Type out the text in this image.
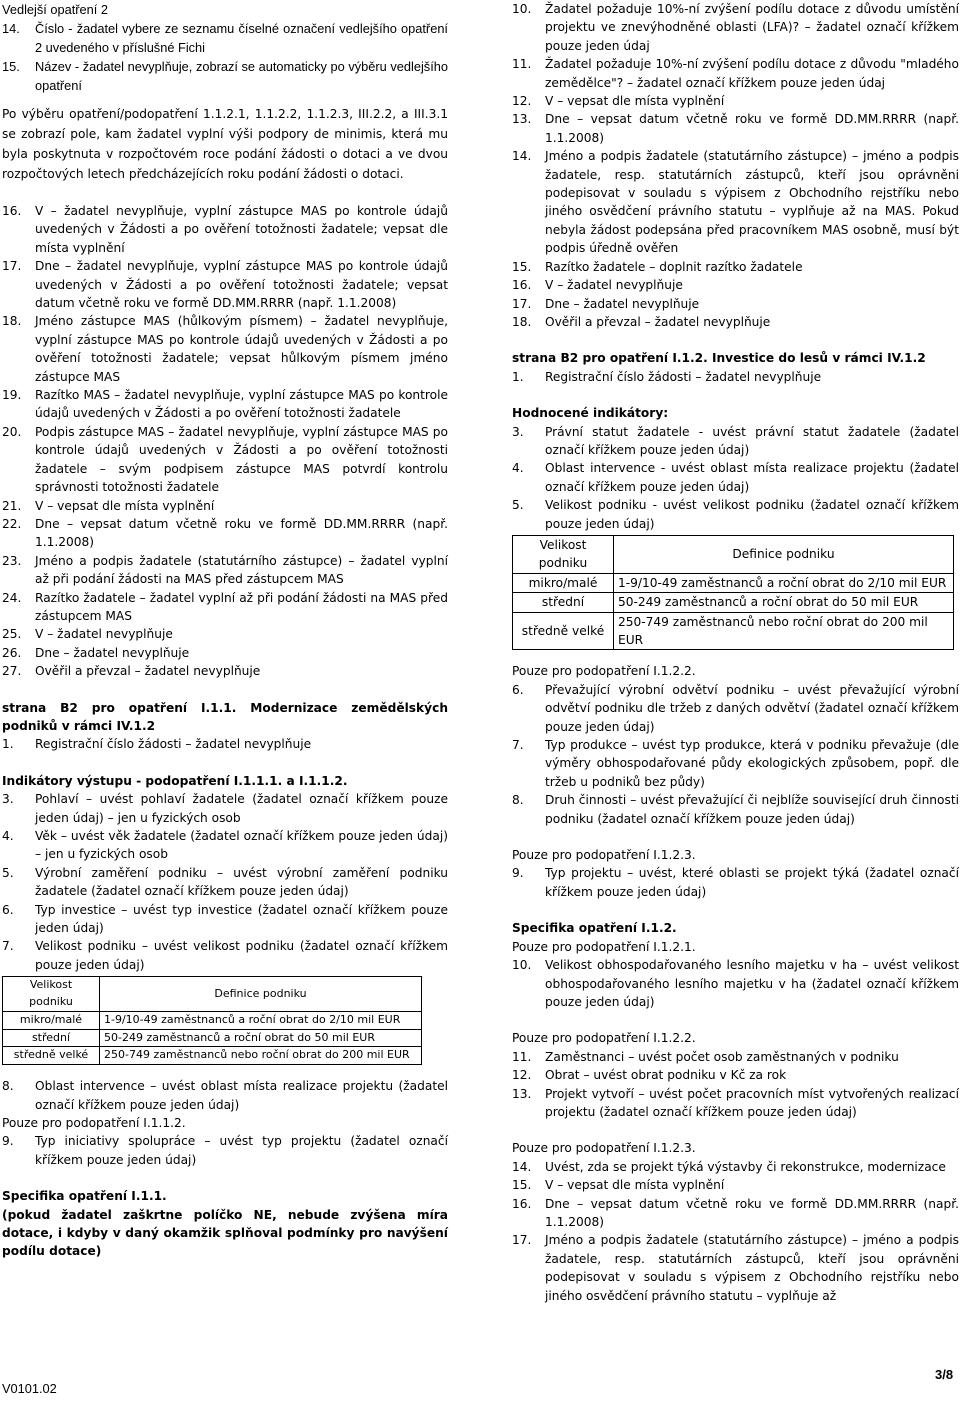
Vedlejší opatření 2

14.	Číslo - žadatel vybere ze seznamu číselné označení vedlejšího opatření 2 uvedeného v příslušné Fichi
15.	Název - žadatel nevyplňuje, zobrazí se automaticky po výběru vedlejšího opatření

Po výběru opatření/podopatření 1.1.2.1, 1.1.2.2, 1.1.2.3, III.2.2, a III.3.1 se zobrazí pole, kam žadatel vyplní výši podpory de minimis, která mu byla poskytnuta v rozpočtovém roce podání žádosti o dotaci a ve dvou rozpočtových letech předcházejících roku podání žádosti o dotaci.

16.	V – žadatel nevyplňuje, vyplní zástupce MAS po kontrole údajů uvedených v Žádosti a po ověření totožnosti žadatele; vepsat dle místa vyplnění
17.	Dne – žadatel nevyplňuje, vyplní zástupce MAS po kontrole údajů uvedených v Žádosti a po ověření totožnosti žadatele; vepsat datum včetně roku ve formě DD.MM.RRRR (např. 1.1.2008)
18.	Jméno zástupce MAS (hůlkovým písmem) – žadatel nevyplňuje, vyplní zástupce MAS po kontrole údajů uvedených v Žádosti a po ověření totožnosti žadatele; vepsat hůlkovým písmem jméno zástupce MAS
19.	Razítko MAS – žadatel nevyplňuje, vyplní zástupce MAS po kontrole údajů uvedených v Žádosti a po ověření totožnosti žadatele
20.	Podpis zástupce MAS – žadatel nevyplňuje, vyplní zástupce MAS po kontrole údajů uvedených v Žádosti a po ověření totožnosti žadatele – svým podpisem zástupce MAS potvrdí kontrolu správnosti totožnosti žadatele
21.	V – vepsat dle místa vyplnění
22.	Dne – vepsat datum včetně roku ve formě DD.MM.RRRR (např. 1.1.2008)
23.	Jméno a podpis žadatele (statutárního zástupce) – žadatel vyplní až při podání žádosti na MAS před zástupcem MAS
24.	Razítko žadatele – žadatel vyplní až při podání žádosti na MAS před zástupcem MAS
25.	V – žadatel nevyplňuje
26.	Dne – žadatel nevyplňuje
27.	Ověřil a převzal – žadatel nevyplňuje

strana B2 pro opatření I.1.1. Modernizace zemědělských podniků v rámci IV.1.2

1.	Registrační číslo žádosti – žadatel nevyplňuje

Indikátory výstupu - podopatření I.1.1.1. a I.1.1.2.

3.	Pohlaví – uvést pohlaví žadatele (žadatel označí křížkem pouze jeden údaj) – jen u fyzických osob
4.	Věk – uvést věk žadatele (žadatel označí křížkem pouze jeden údaj) – jen u fyzických osob
5.	Výrobní zaměření podniku – uvést výrobní zaměření podniku žadatele (žadatel označí křížkem pouze jeden údaj)
6.	Typ investice – uvést typ investice (žadatel označí křížkem pouze jeden údaj)
7.	Velikost podniku – uvést velikost podniku (žadatel označí křížkem pouze jeden údaj)
Velikost podniku	Definice podniku
mikro/malé	1-9/10-49 zaměstnanců a roční obrat do 2/10 mil EUR
střední	50-249 zaměstnanců a roční obrat do 50 mil EUR
středně velké	250-749 zaměstnanců nebo roční obrat do 200 mil EUR
8.	Oblast intervence – uvést oblast místa realizace projektu (žadatel označí křížkem pouze jeden údaj)

Pouze pro podopatření I.1.1.2.

9.	Typ iniciativy spolupráce – uvést typ projektu (žadatel označí křížkem pouze jeden údaj)

Specifika opatření I.1.1.

(pokud žadatel zaškrtne políčko NE, nebude zvýšena míra dotace, i kdyby v daný okamžik splňoval podmínky pro navýšení podílu dotace)

10.	Žadatel požaduje 10%-ní zvýšení podílu dotace z důvodu umístění projektu ve znevýhodněné oblasti (LFA)? – žadatel označí křížkem pouze jeden údaj
11.	Žadatel požaduje 10%-ní zvýšení podílu dotace z důvodu "mladého zemědělce"? – žadatel označí křížkem pouze jeden údaj
12.	V – vepsat dle místa vyplnění
13.	Dne – vepsat datum včetně roku ve formě DD.MM.RRRR (např. 1.1.2008)
14.	Jméno a podpis žadatele (statutárního zástupce) – jméno a podpis žadatele, resp. statutárních zástupců, kteří jsou oprávněni podepisovat v souladu s výpisem z Obchodního rejstříku nebo jiného osvědčení právního statutu – vyplňuje až na MAS. Pokud nebyla žádost podepsána před pracovníkem MAS osobně, musí být podpis úředně ověřen
15.	Razítko žadatele – doplnit razítko žadatele
16.	V – žadatel nevyplňuje
17.	Dne – žadatel nevyplňuje
18.	Ověřil a převzal – žadatel nevyplňuje

strana B2 pro opatření I.1.2. Investice do lesů v rámci IV.1.2

1.	Registrační číslo žádosti – žadatel nevyplňuje

Hodnocené indikátory:

3.	Právní statut žadatele - uvést právní statut žadatele (žadatel označí křížkem pouze jeden údaj)
4.	Oblast intervence - uvést oblast místa realizace projektu (žadatel označí křížkem pouze jeden údaj)
5.	Velikost podniku - uvést velikost podniku (žadatel označí křížkem pouze jeden údaj)
Velikost podniku	Definice podniku
mikro/malé	1-9/10-49 zaměstnanců a roční obrat do 2/10 mil EUR
střední	50-249 zaměstnanců a roční obrat do 50 mil EUR
středně velké	250-749 zaměstnanců nebo roční obrat do 200 mil EUR

Pouze pro podopatření I.1.2.2.

6.	Převažující výrobní odvětví podniku – uvést převažující výrobní odvětví podniku dle tržeb z daných odvětví (žadatel označí křížkem pouze jeden údaj)
7.	Typ produkce – uvést typ produkce, která v podniku převažuje (dle výměry obhospodařované půdy ekologických způsobem, popř. dle tržeb u podniků bez půdy)
8.	Druh činnosti – uvést převažující či nejblíže související druh činnosti podniku (žadatel označí křížkem pouze jeden údaj)

Pouze pro podopatření I.1.2.3.

9.	Typ projektu – uvést, které oblasti se projekt týká (žadatel označí křížkem pouze jeden údaj)

Specifika opatření I.1.2.

Pouze pro podopatření I.1.2.1.

10.	Velikost obhospodařovaného lesního majetku v ha – uvést velikost obhospodařovaného lesního majetku v ha (žadatel označí křížkem pouze jeden údaj)

Pouze pro podopatření I.1.2.2.

11.	Zaměstnanci – uvést počet osob zaměstnaných v podniku
12.	Obrat – uvést obrat podniku v Kč za rok
13.	Projekt vytvoří – uvést počet pracovních míst vytvořených realizací projektu (žadatel označí křížkem pouze jeden údaj)

Pouze pro podopatření I.1.2.3.

14.	Uvést, zda se projekt týká výstavby či rekonstrukce, modernizace
15.	V – vepsat dle místa vyplnění
16.	Dne – vepsat datum včetně roku ve formě DD.MM.RRRR (např. 1.1.2008)
17.	Jméno a podpis žadatele (statutárního zástupce) – jméno a podpis žadatele, resp. statutárních zástupců, kteří jsou oprávněni podepisovat v souladu s výpisem z Obchodního rejstříku nebo jiného osvědčení právního statutu – vyplňuje až
V0101.02
3/8
